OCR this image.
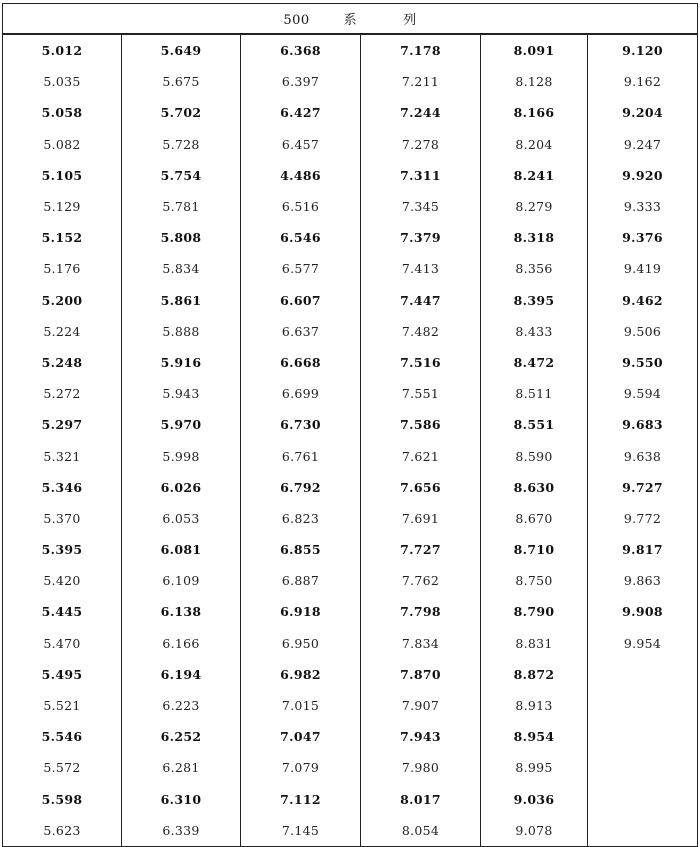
500 系 列					
5.012	5.649	6.368	7.178	8.091	9.120
5.035	5.675	6.397	7.211	8.128	9.162
5.058	5.702	6.427	7.244	8.166	9.204
5.082	5.728	6.457	7.278	8.204	9.247
5.105	5.754	4.486	7.311	8.241	9.920
5.129	5.781	6.516	7.345	8.279	9.333
5.152	5.808	6.546	7.379	8.318	9.376
5.176	5.834	6.577	7.413	8.356	9.419
5.200	5.861	6.607	7.447	8.395	9.462
5.224	5.888	6.637	7.482	8.433	9.506
5.248	5.916	6.668	7.516	8.472	9.550
5.272	5.943	6.699	7.551	8.511	9.594
5.297	5.970	6.730	7.586	8.551	9.683
5.321	5.998	6.761	7.621	8.590	9.638
5.346	6.026	6.792	7.656	8.630	9.727
5.370	6.053	6.823	7.691	8.670	9.772
5.395	6.081	6.855	7.727	8.710	9.817
5.420	6.109	6.887	7.762	8.750	9.863
5.445	6.138	6.918	7.798	8.790	9.908
5.470	6.166	6.950	7.834	8.831	9.954
5.495	6.194	6.982	7.870	8.872	
5.521	6.223	7.015	7.907	8.913	
5.546	6.252	7.047	7.943	8.954	
5.572	6.281	7.079	7.980	8.995	
5.598	6.310	7.112	8.017	9.036	
5.623	6.339	7.145	8.054	9.078	
